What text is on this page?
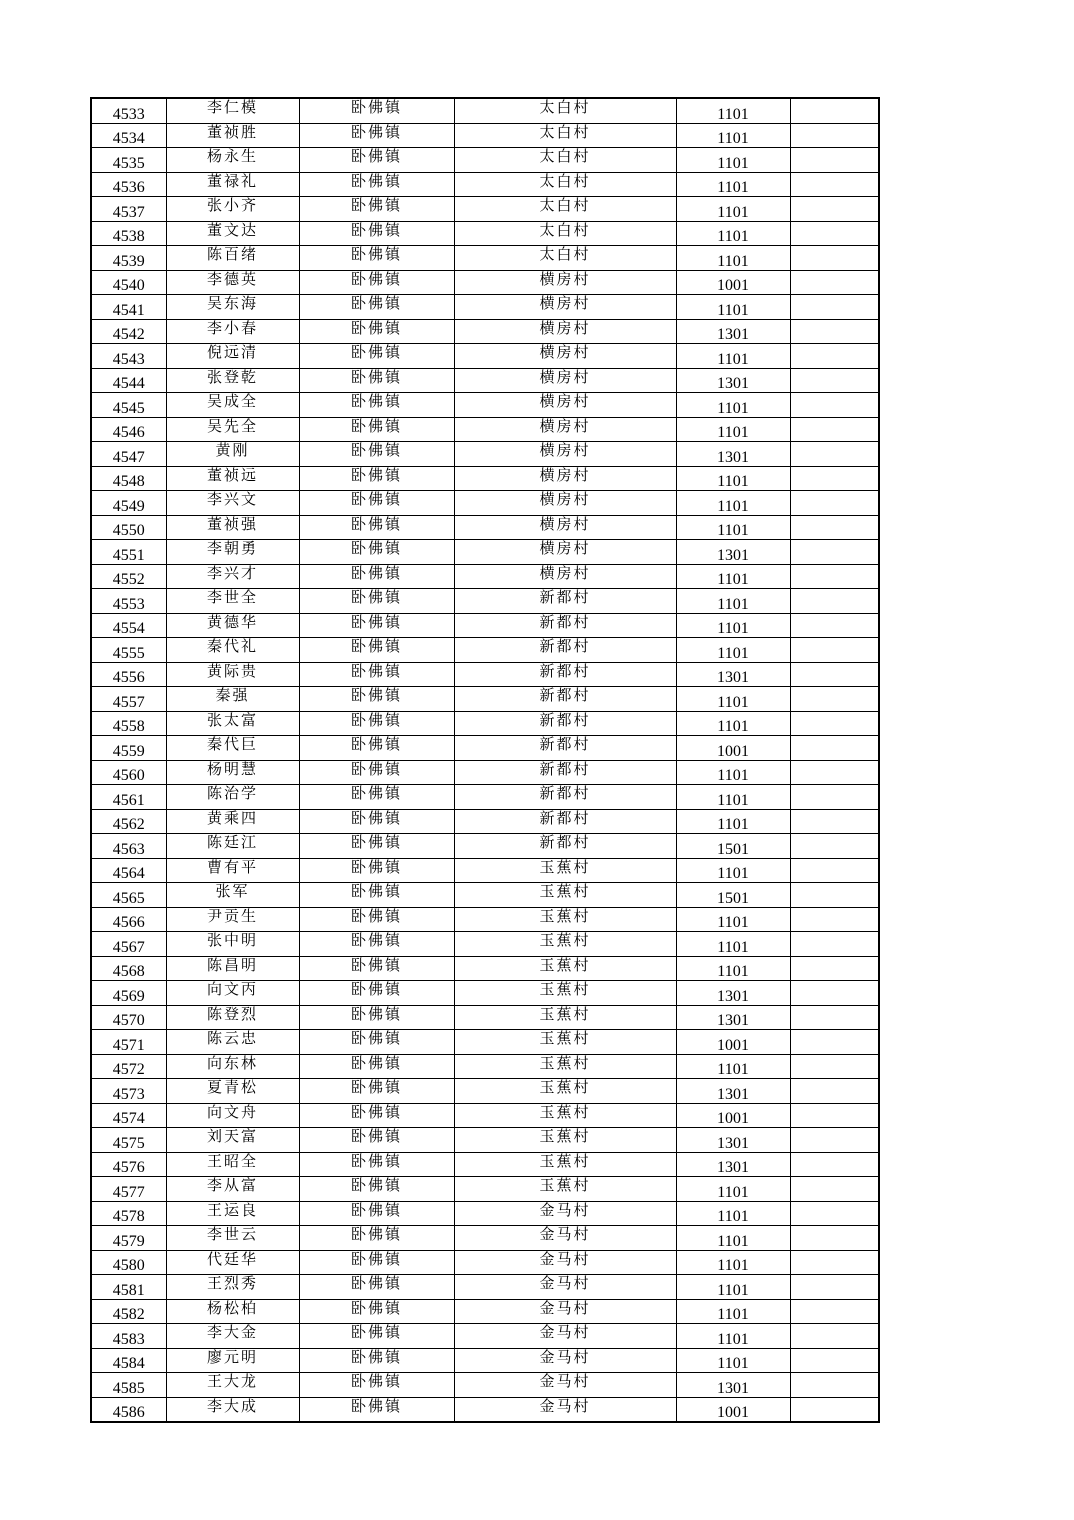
4533	李仁模	卧佛镇	太白村	1101	
4534	董祯胜	卧佛镇	太白村	1101	
4535	杨永生	卧佛镇	太白村	1101	
4536	董禄礼	卧佛镇	太白村	1101	
4537	张小齐	卧佛镇	太白村	1101	
4538	董文达	卧佛镇	太白村	1101	
4539	陈百绪	卧佛镇	太白村	1101	
4540	李德英	卧佛镇	横房村	1001	
4541	吴东海	卧佛镇	横房村	1101	
4542	李小春	卧佛镇	横房村	1301	
4543	倪远清	卧佛镇	横房村	1101	
4544	张登乾	卧佛镇	横房村	1301	
4545	吴成全	卧佛镇	横房村	1101	
4546	吴先全	卧佛镇	横房村	1101	
4547	黄刚	卧佛镇	横房村	1301	
4548	董祯远	卧佛镇	横房村	1101	
4549	李兴文	卧佛镇	横房村	1101	
4550	董祯强	卧佛镇	横房村	1101	
4551	李朝勇	卧佛镇	横房村	1301	
4552	李兴才	卧佛镇	横房村	1101	
4553	李世全	卧佛镇	新都村	1101	
4554	黄德华	卧佛镇	新都村	1101	
4555	秦代礼	卧佛镇	新都村	1101	
4556	黄际贵	卧佛镇	新都村	1301	
4557	秦强	卧佛镇	新都村	1101	
4558	张太富	卧佛镇	新都村	1101	
4559	秦代巨	卧佛镇	新都村	1001	
4560	杨明慧	卧佛镇	新都村	1101	
4561	陈治学	卧佛镇	新都村	1101	
4562	黄乘四	卧佛镇	新都村	1101	
4563	陈廷江	卧佛镇	新都村	1501	
4564	曹有平	卧佛镇	玉蕉村	1101	
4565	张军	卧佛镇	玉蕉村	1501	
4566	尹贡生	卧佛镇	玉蕉村	1101	
4567	张中明	卧佛镇	玉蕉村	1101	
4568	陈昌明	卧佛镇	玉蕉村	1101	
4569	向文丙	卧佛镇	玉蕉村	1301	
4570	陈登烈	卧佛镇	玉蕉村	1301	
4571	陈云忠	卧佛镇	玉蕉村	1001	
4572	向东林	卧佛镇	玉蕉村	1101	
4573	夏青松	卧佛镇	玉蕉村	1301	
4574	向文舟	卧佛镇	玉蕉村	1001	
4575	刘天富	卧佛镇	玉蕉村	1301	
4576	王昭全	卧佛镇	玉蕉村	1301	
4577	李从富	卧佛镇	玉蕉村	1101	
4578	王运良	卧佛镇	金马村	1101	
4579	李世云	卧佛镇	金马村	1101	
4580	代廷华	卧佛镇	金马村	1101	
4581	王烈秀	卧佛镇	金马村	1101	
4582	杨松柏	卧佛镇	金马村	1101	
4583	李大金	卧佛镇	金马村	1101	
4584	廖元明	卧佛镇	金马村	1101	
4585	王大龙	卧佛镇	金马村	1301	
4586	李大成	卧佛镇	金马村	1001	
